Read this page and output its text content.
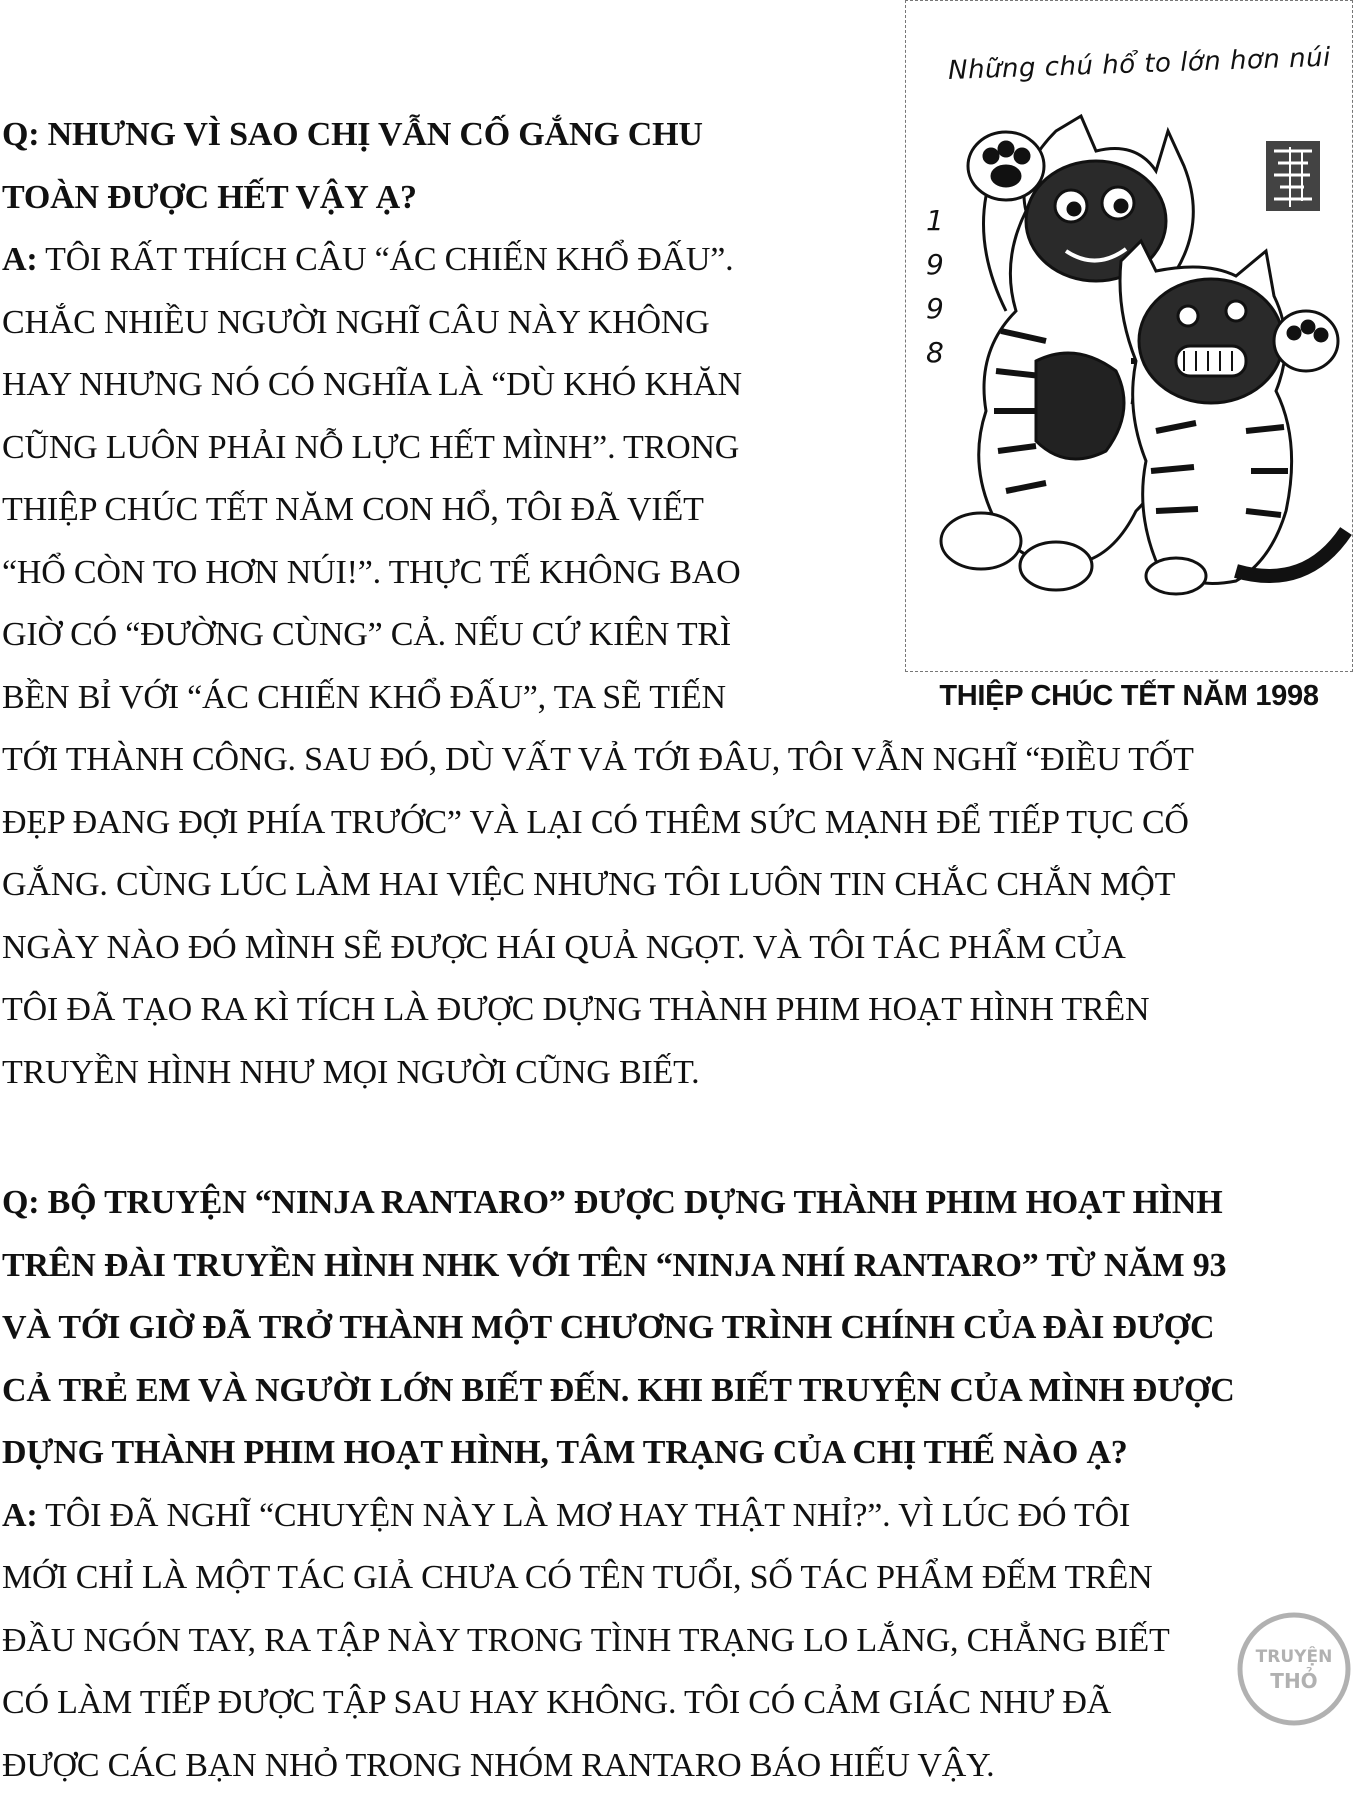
Những chú hổ to lớn hơn núi
1
9
9
8
THIỆP CHÚC TẾT NĂM 1998
Q: NHƯNG VÌ SAO CHỊ VẪN CỐ GẮNG CHU
TOÀN ĐƯỢC HẾT VẬY Ạ?
A: TÔI RẤT THÍCH CÂU “ÁC CHIẾN KHỔ ĐẤU”.
CHẮC NHIỀU NGƯỜI NGHĨ CÂU NÀY KHÔNG
HAY NHƯNG NÓ CÓ NGHĨA LÀ “DÙ KHÓ KHĂN
CŨNG LUÔN PHẢI NỖ LỰC HẾT MÌNH”. TRONG
THIỆP CHÚC TẾT NĂM CON HỔ, TÔI ĐÃ VIẾT
“HỔ CÒN TO HƠN NÚI!”. THỰC TẾ KHÔNG BAO
GIỜ CÓ “ĐƯỜNG CÙNG” CẢ. NẾU CỨ KIÊN TRÌ
BỀN BỈ VỚI “ÁC CHIẾN KHỔ ĐẤU”, TA SẼ TIẾN
TỚI THÀNH CÔNG. SAU ĐÓ, DÙ VẤT VẢ TỚI ĐÂU, TÔI VẪN NGHĨ “ĐIỀU TỐT
ĐẸP ĐANG ĐỢI PHÍA TRƯỚC” VÀ LẠI CÓ THÊM SỨC MẠNH ĐỂ TIẾP TỤC CỐ
GẮNG. CÙNG LÚC LÀM HAI VIỆC NHƯNG TÔI LUÔN TIN CHẮC CHẮN MỘT
NGÀY NÀO ĐÓ MÌNH SẼ ĐƯỢC HÁI QUẢ NGỌT. VÀ TÔI TÁC PHẨM CỦA
TÔI ĐÃ TẠO RA KÌ TÍCH LÀ ĐƯỢC DỰNG THÀNH PHIM HOẠT HÌNH TRÊN
TRUYỀN HÌNH NHƯ MỌI NGƯỜI CŨNG BIẾT.
Q: BỘ TRUYỆN “NINJA RANTARO” ĐƯỢC DỰNG THÀNH PHIM HOẠT HÌNH
TRÊN ĐÀI TRUYỀN HÌNH NHK VỚI TÊN “NINJA NHÍ RANTARO” TỪ NĂM 93
VÀ TỚI GIỜ ĐÃ TRỞ THÀNH MỘT CHƯƠNG TRÌNH CHÍNH CỦA ĐÀI ĐƯỢC
CẢ TRẺ EM VÀ NGƯỜI LỚN BIẾT ĐẾN. KHI BIẾT TRUYỆN CỦA MÌNH ĐƯỢC
DỰNG THÀNH PHIM HOẠT HÌNH, TÂM TRẠNG CỦA CHỊ THẾ NÀO Ạ?
A: TÔI ĐÃ NGHĨ “CHUYỆN NÀY LÀ MƠ HAY THẬT NHỈ?”. VÌ LÚC ĐÓ TÔI
MỚI CHỈ LÀ MỘT TÁC GIẢ CHƯA CÓ TÊN TUỔI, SỐ TÁC PHẨM ĐẾM TRÊN
ĐẦU NGÓN TAY, RA TẬP NÀY TRONG TÌNH TRẠNG LO LẮNG, CHẲNG BIẾT
CÓ LÀM TIẾP ĐƯỢC TẬP SAU HAY KHÔNG. TÔI CÓ CẢM GIÁC NHƯ ĐÃ
ĐƯỢC CÁC BẠN NHỎ TRONG NHÓM RANTARO BÁO HIẾU VẬY.
TRUYỆN
THỎ
